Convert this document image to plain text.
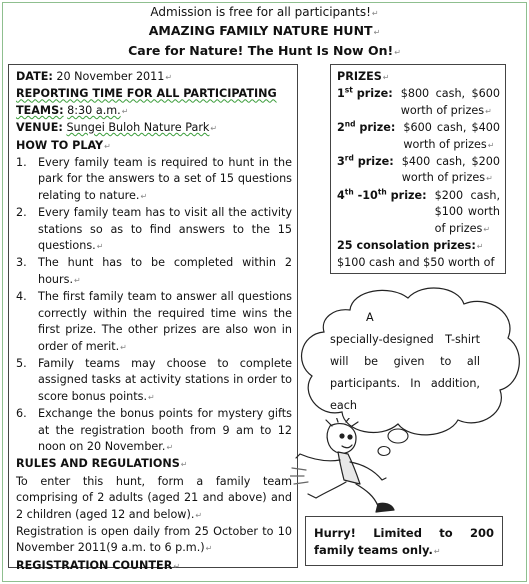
Admission is free for all participants!↵
AMAZING FAMILY NATURE HUNT↵
Care for Nature! The Hunt Is Now On!↵
DATE: 20 November 2011↵
REPORTING TIME FOR ALL PARTICIPATING
TEAMS: 8:30 a.m.↵
VENUE: Sungei Buloh Nature Park↵
HOW TO PLAY↵
1. Every family team is required to hunt in the park for the answers to a set of 15 questions relating to nature.↵
2. Every family team has to visit all the activity stations so as to find answers to the 15 questions.↵
3. The hunt has to be completed within 2 hours.↵
4. The first family team to answer all questions correctly within the required time wins the first prize. The other prizes are also won in order of merit.↵
5. Family teams may choose to complete assigned tasks at activity stations in order to score bonus points.↵
6. Exchange the bonus points for mystery gifts at the registration booth from 9 am to 12 noon on 20 November.↵
RULES AND REGULATIONS↵
To enter this hunt, form a family team comprising of 2 adults (aged 21 and above) and 2 children (aged 12 and below).↵
Registration is open daily from 25 October to 10 November 2011(9 a.m. to 6 p.m.)↵
REGISTRATION COUNTER↵
PRIZES↵
1st prize: $800 cash, $600 worth of prizes↵
2nd prize: $600 cash, $400 worth of prizes↵
3rd prize: $400 cash, $200 worth of prizes↵
4th -10th prize: $200 cash, $100 worth of prizes↵
25 consolation prizes:↵
$100 cash and $50 worth of
A
specially-designed T-shirt will be given to all participants. In addition, each
Hurry! Limited to 200 family teams only.↵
